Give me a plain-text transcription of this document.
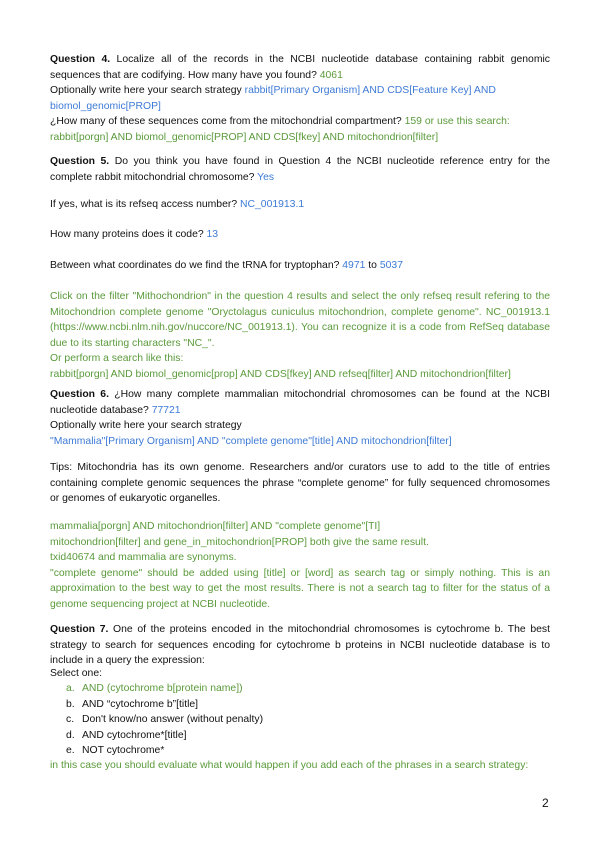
Question 4. Localize all of the records in the NCBI nucleotide database containing rabbit genomic sequences that are codifying. How many have you found? 4061
Optionally write here your search strategy rabbit[Primary Organism] AND CDS[Feature Key] AND biomol_genomic[PROP]
¿How many of these sequences come from the mitochondrial compartment? 159 or use this search: rabbit[porgn] AND biomol_genomic[PROP] AND CDS[fkey] AND mitochondrion[filter]
Question 5. Do you think you have found in Question 4 the NCBI nucleotide reference entry for the complete rabbit mitochondrial chromosome? Yes
If yes, what is its refseq access number? NC_001913.1
How many proteins does it code? 13
Between what coordinates do we find the tRNA for tryptophan? 4971 to 5037
Click on the filter "Mithochondrion" in the question 4 results and select the only refseq result refering to the Mitochondrion complete genome "Oryctolagus cuniculus mitochondrion, complete genome". NC_001913.1 (https://www.ncbi.nlm.nih.gov/nuccore/NC_001913.1). You can recognize it is a code from RefSeq database due to its starting characters "NC_".
Or perform a search like this:
rabbit[porgn] AND biomol_genomic[prop] AND CDS[fkey] AND refseq[filter] AND mitochondrion[filter]
Question 6. ¿How many complete mammalian mitochondrial chromosomes can be found at the NCBI nucleotide database? 77721
Optionally write here your search strategy
"Mammalia"[Primary Organism] AND "complete genome"[title] AND mitochondrion[filter]
Tips: Mitochondria has its own genome. Researchers and/or curators use to add to the title of entries containing complete genomic sequences the phrase “complete genome” for fully sequenced chromosomes or genomes of eukaryotic organelles.
mammalia[porgn] AND mitochondrion[filter] AND "complete genome"[TI]
mitochondrion[filter] and gene_in_mitochondrion[PROP] both give the same result.
txid40674 and mammalia are synonyms.
"complete genome" should be added using [title] or [word] as search tag or simply nothing. This is an approximation to the best way to get the most results. There is not a search tag to filter for the status of a genome sequencing project at NCBI nucleotide.
Question 7. One of the proteins encoded in the mitochondrial chromosomes is cytochrome b. The best strategy to search for sequences encoding for cytochrome b proteins in NCBI nucleotide database is to include in a query the expression:
Select one:
a. AND (cytochrome b[protein name])
b. AND “cytochrome b”[title]
c. Don't know/no answer (without penalty)
d. AND cytochrome*[title]
e. NOT cytochrome*
in this case you should evaluate what would happen if you add each of the phrases in a search strategy:
2
